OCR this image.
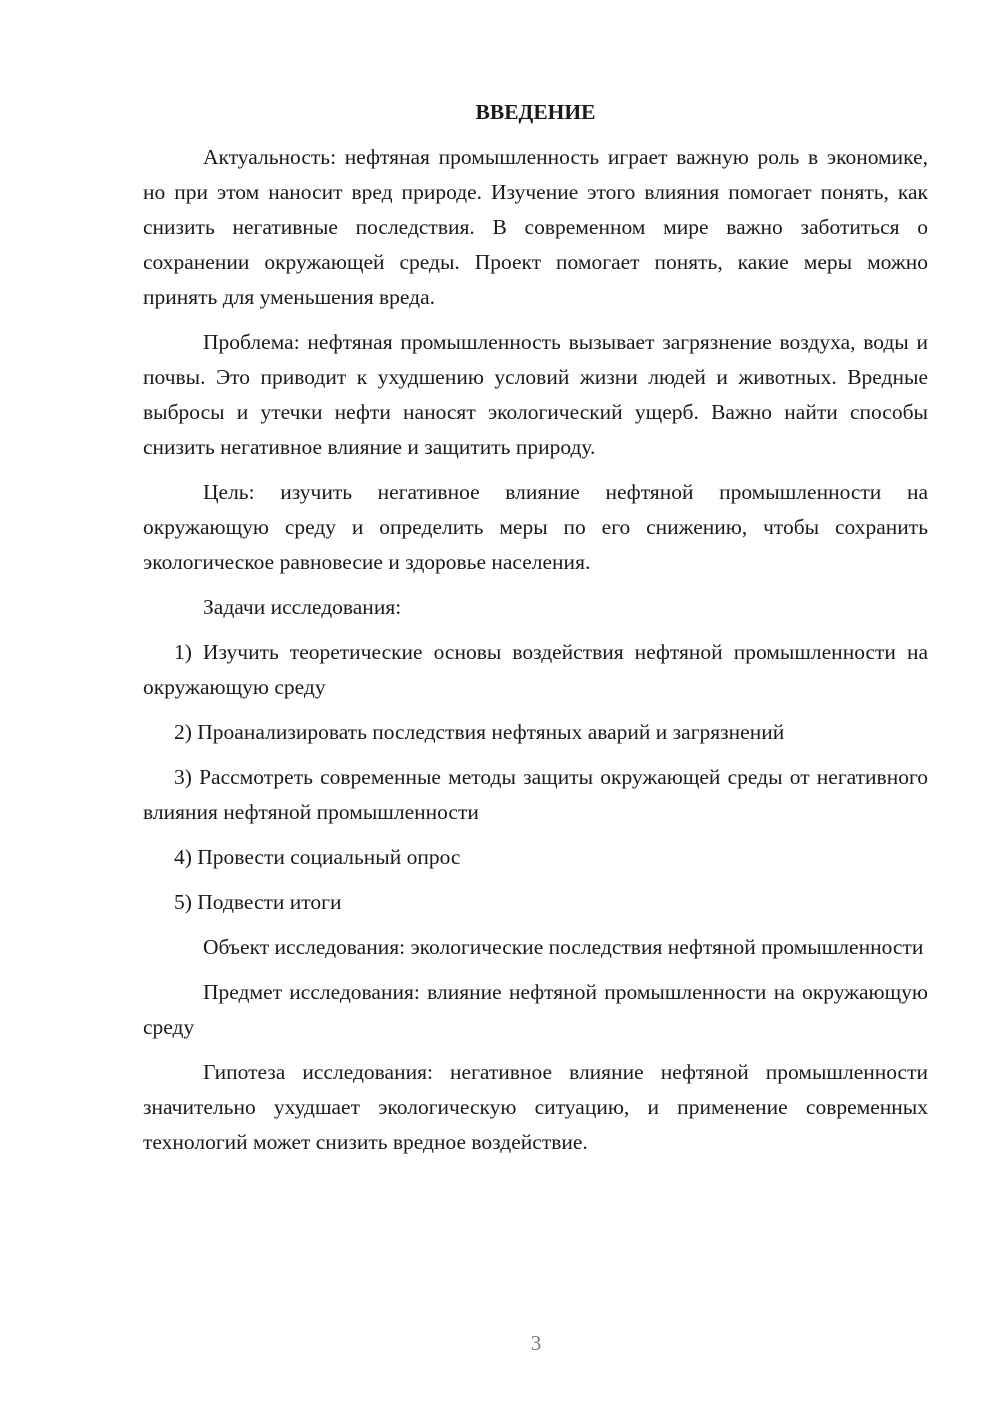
ВВЕДЕНИЕ

Актуальность: нефтяная промышленность играет важную роль в экономике, но при этом наносит вред природе. Изучение этого влияния помогает понять, как снизить негативные последствия. В современном мире важно заботиться о сохранении окружающей среды. Проект помогает понять, какие меры можно принять для уменьшения вреда.

Проблема: нефтяная промышленность вызывает загрязнение воздуха, воды и почвы. Это приводит к ухудшению условий жизни людей и животных. Вредные выбросы и утечки нефти наносят экологический ущерб. Важно найти способы снизить негативное влияние и защитить природу.

Цель: изучить негативное влияние нефтяной промышленности на окружающую среду и определить меры по его снижению, чтобы сохранить экологическое равновесие и здоровье населения.

Задачи исследования:

1) Изучить теоретические основы воздействия нефтяной промышленности на окружающую среду

2) Проанализировать последствия нефтяных аварий и загрязнений

3) Рассмотреть современные методы защиты окружающей среды от негативного влияния нефтяной промышленности

4) Провести социальный опрос

5) Подвести итоги

Объект исследования: экологические последствия нефтяной промышленности

Предмет исследования: влияние нефтяной промышленности на окружающую среду

Гипотеза исследования: негативное влияние нефтяной промышленности значительно ухудшает экологическую ситуацию, и применение современных технологий может снизить вредное воздействие.

3
